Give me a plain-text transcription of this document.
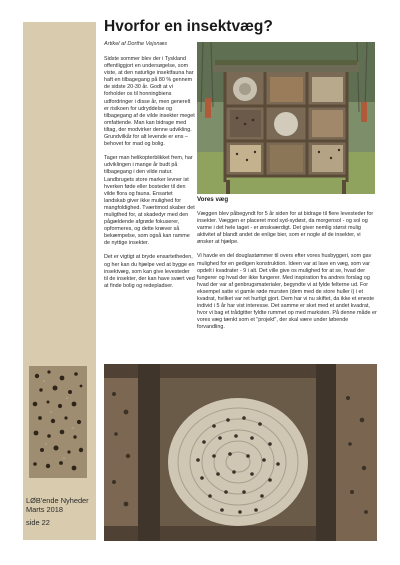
LØB'ende Nyheder
Marts 2018
side 22
Hvorfor en insektvæg?
Artikel af Dorthe Vejsnæs

Sidste sommer blev der i Tyskland offentliggjort en undersøgelse, som viste, at den naturlige insektfauna har haft en tilbagegang på 80 % gennem de sidste 20-30 år. Godt at vi forholder os til honningbiens udfordringer i disse år, men generelt er risikoen for udryddelse og tilbagegang af de vilde insekter meget omfattende. Man kan bidrage med tiltag, der modvirker denne udvikling. Grundvilkår for alt levende er ens – behovet for mad og bolig.

Tager man helikopterblikket frem, har udviklingen i mange år budt på tilbagegang i den vilde natur. Landbrugets store marker levner ist hverken føde eller bosteder til den vilde flora og fauna. Ensartet landskab giver ikke mulighed for mangfoldighed. Tværtimod skaber det muligthed for, at skadedyr med den pågældende afgrøde fokuserer, opformeres, og dette kræver så bekæmpelse, som også kan ramme de nyttige insekter.

Det er vigtigt at bryde ensartetheden, og her kan du hjælpe ved at bygge en insektvæg, som kan give levesteder til de insekter, der kan have svært ved at finde bolig og redepladser.

Vores væg

Væggen blev påbegyndt for 5 år siden for at bidrage til flere levesteder for insekter. Væggen er placeret mod syd-sydøst, da morgensol - og sol og varme i det hele taget - er ønskværdigt. Det giver nemlig størst mulig aktivitet af blandt andet de enlige bier, som er nogle af de insekter, vi ønsker at hjælpe.

Vi havde en del douglastømmer til overs efter vores husbyggeri, som gav mulighed for en gedigen konstruktion. Ideen var at lave en væg, som var opdelt i kvadrater - 9 i alt. Det ville give os mulighed for at se, hvad der fungerer og hvad der ikke fungerer. Med inspiration fra andres forslag og hvad der var af genbrugsmaterialer, begyndte vi at fylde felterne ud. For eksempel satte vi gamle røde mursten (dem med de store huller i) i et kvadrat, hvilket var ret hurtigt gjort. Dem har vi nu skiftet, da ikke et eneste individ i 5 år har vist interesse. Det samme er sket med et andet kvadrat, hvor vi bag et trådgitter fyldte rummet op med marksten. På denne måde er vores væg tænkt som et "projekt", der skal være under løbende forvandling.
